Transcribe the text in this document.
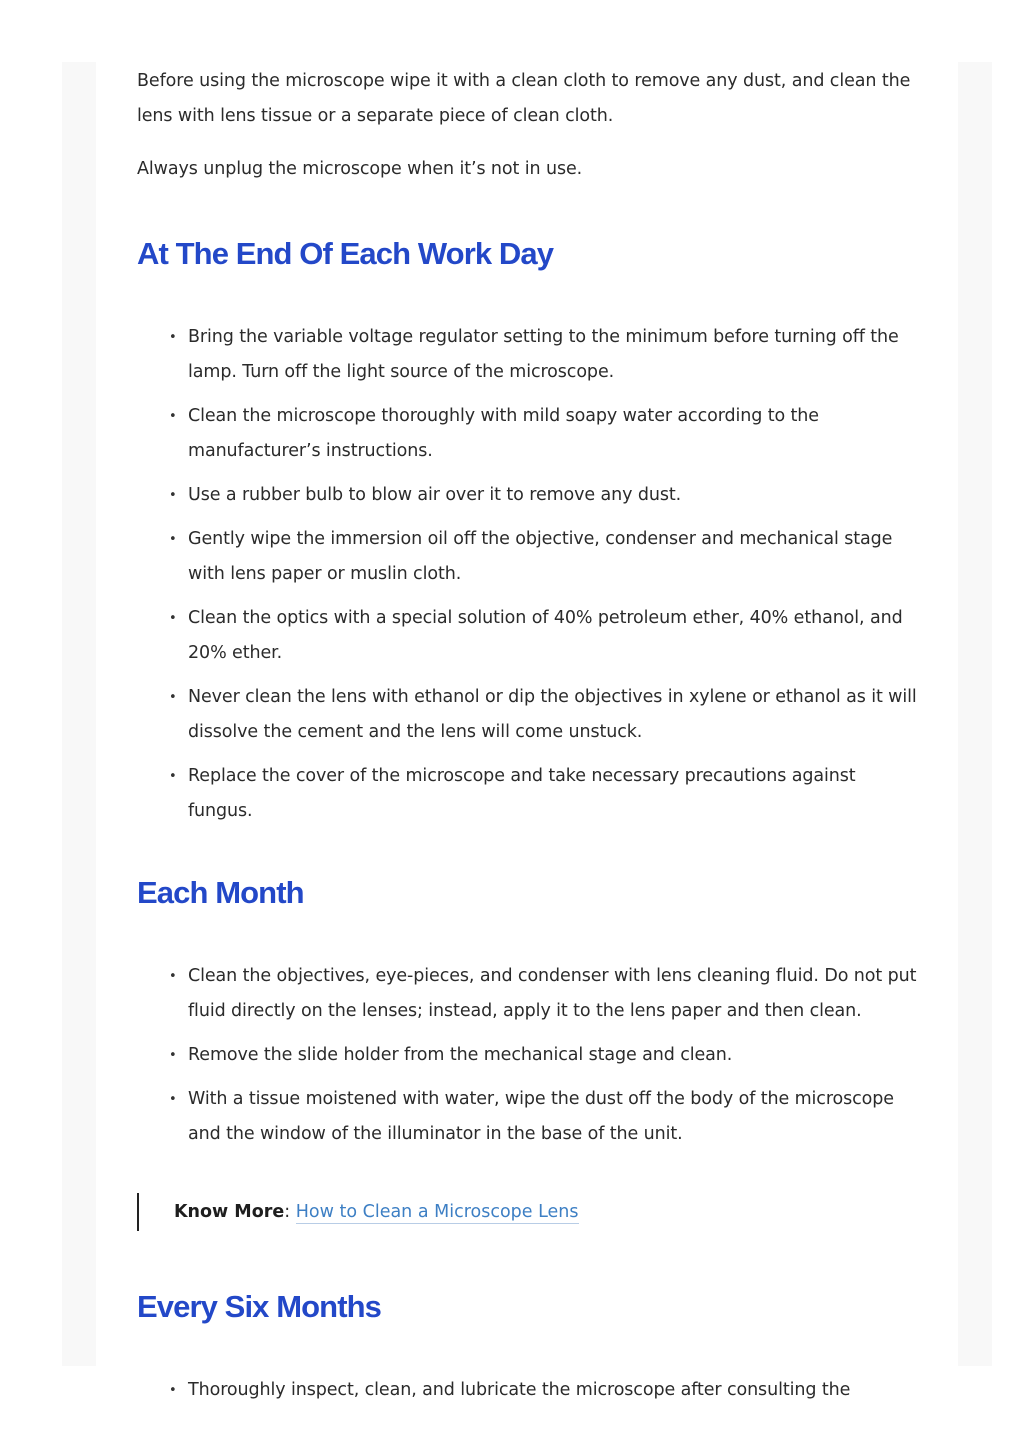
Before using the microscope wipe it with a clean cloth to remove any dust, and clean the lens with lens tissue or a separate piece of clean cloth.

Always unplug the microscope when it’s not in use.

At The End Of Each Work Day
• Bring the variable voltage regulator setting to the minimum before turning off the lamp. Turn off the light source of the microscope.
• Clean the microscope thoroughly with mild soapy water according to the manufacturer’s instructions.
• Use a rubber bulb to blow air over it to remove any dust.
• Gently wipe the immersion oil off the objective, condenser and mechanical stage with lens paper or muslin cloth.
• Clean the optics with a special solution of 40% petroleum ether, 40% ethanol, and 20% ether.
• Never clean the lens with ethanol or dip the objectives in xylene or ethanol as it will dissolve the cement and the lens will come unstuck.
• Replace the cover of the microscope and take necessary precautions against fungus.
Each Month
• Clean the objectives, eye-pieces, and condenser with lens cleaning fluid. Do not put fluid directly on the lenses; instead, apply it to the lens paper and then clean.
• Remove the slide holder from the mechanical stage and clean.
• With a tissue moistened with water, wipe the dust off the body of the microscope and the window of the illuminator in the base of the unit.
Know More: How to Clean a Microscope Lens
Every Six Months
• Thoroughly inspect, clean, and lubricate the microscope after consulting the
